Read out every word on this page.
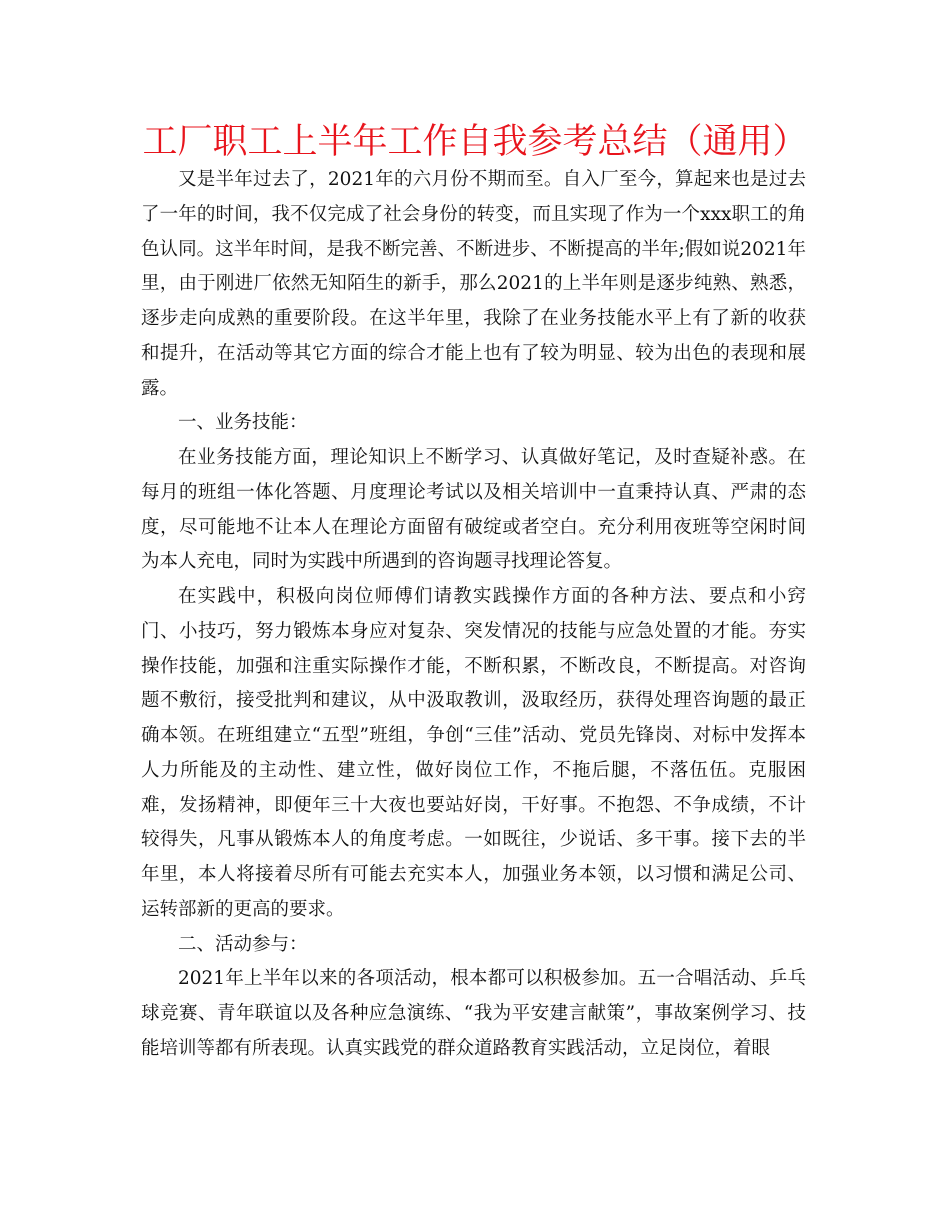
工厂职工上半年工作自我参考总结（通用）

又是半年过去了，2021年的六月份不期而至。自入厂至今，算起来也是过去了一年的时间，我不仅完成了社会身份的转变，而且实现了作为一个xxx职工的角色认同。这半年时间，是我不断完善、不断进步、不断提高的半年;假如说2021年里，由于刚进厂依然无知陌生的新手，那么2021的上半年则是逐步纯熟、熟悉，逐步走向成熟的重要阶段。在这半年里，我除了在业务技能水平上有了新的收获和提升，在活动等其它方面的综合才能上也有了较为明显、较为出色的表现和展露。

一、业务技能：

在业务技能方面，理论知识上不断学习、认真做好笔记，及时查疑补惑。在每月的班组一体化答题、月度理论考试以及相关培训中一直秉持认真、严肃的态度，尽可能地不让本人在理论方面留有破绽或者空白。充分利用夜班等空闲时间为本人充电，同时为实践中所遇到的咨询题寻找理论答复。

在实践中，积极向岗位师傅们请教实践操作方面的各种方法、要点和小窍门、小技巧，努力锻炼本身应对复杂、突发情况的技能与应急处置的才能。夯实操作技能，加强和注重实际操作才能，不断积累，不断改良，不断提高。对咨询题不敷衍，接受批判和建议，从中汲取教训，汲取经历，获得处理咨询题的最正确本领。在班组建立“五型”班组，争创“三佳”活动、党员先锋岗、对标中发挥本人力所能及的主动性、建立性，做好岗位工作，不拖后腿，不落伍伍。克服困难，发扬精神，即便年三十大夜也要站好岗，干好事。不抱怨、不争成绩，不计较得失，凡事从锻炼本人的角度考虑。一如既往，少说话、多干事。接下去的半年里，本人将接着尽所有可能去充实本人，加强业务本领，以习惯和满足公司、运转部新的更高的要求。

二、活动参与：

2021年上半年以来的各项活动，根本都可以积极参加。五一合唱活动、乒乓球竞赛、青年联谊以及各种应急演练、“我为平安建言献策”，事故案例学习、技能培训等都有所表现。认真实践党的群众道路教育实践活动，立足岗位，着眼
